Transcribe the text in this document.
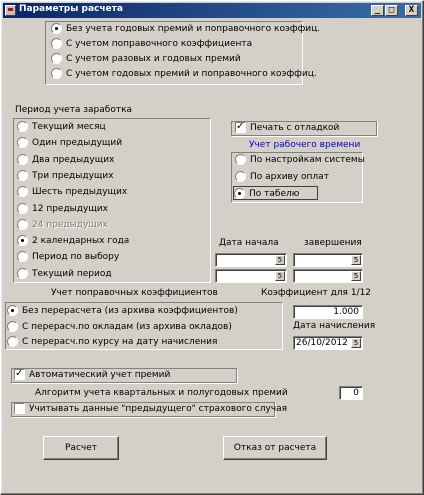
Параметры расчета	_ □	X
Без учета годовых премий и поправочного коэффиц.
С учетом поправочного коэффициента
С учетом разовых и годовых премий
С учетом годовых премий и поправочного коэффиц.
Период учета заработка
Текущий месяц
Один предыдущий
Два предыдущих
Три предыдущих
Шесть предыдущих
12 предыдущих
24 предыдущих
2 календарных года
Период по выбору
Текущий период
✓Печать с отладкой
Учет рабочего времени
По настройкам системы
По архиву оплат
По табелю
Дата начала	завершения
5	5
5	5
Учет поправочных коэффициентов	Коэффициент для 1/12
Без перерасчета (из архива коэффициентов)
С перерасч.по окладам (из архива окладов)
С перерасч.по курсу на дату начисления
1.000
Дата начисления
26/10/2012 5
✓Автоматический учет премий
Алгоритм учета квартальных и полугодовых премий	0
Учитывать данные "предыдущего" страхового случая
Расчет	Отказ от расчета
